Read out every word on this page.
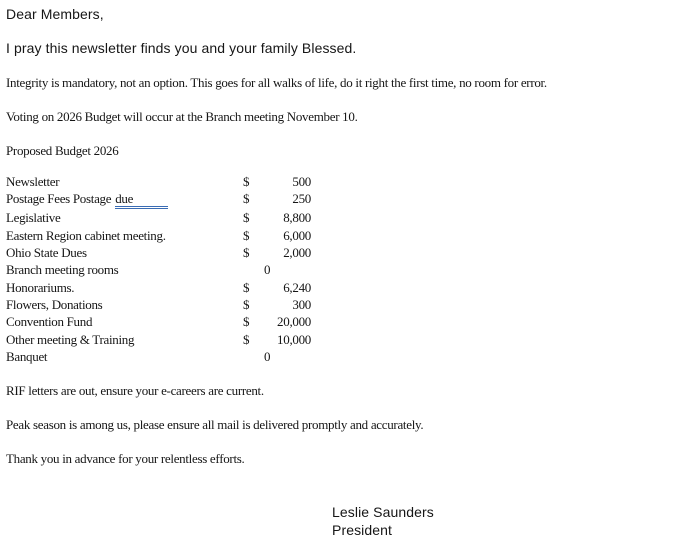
Dear Members,
I pray this newsletter finds you and your family Blessed.
Integrity is mandatory, not an option. This goes for all walks of life, do it right the first time, no room for error.
Voting on 2026 Budget will occur at the Branch meeting November 10.
Proposed Budget 2026
Newsletter	$	500
Postage Fees Postage due	$	250
Legislative	$	8,800
Eastern Region cabinet meeting.	$	6,000
Ohio State Dues	$	2,000
Branch meeting rooms	0
Honorariums.	$	6,240
Flowers, Donations	$	300
Convention Fund	$	20,000
Other meeting & Training	$	10,000
Banquet	0
RIF letters are out, ensure your e-careers are current.
Peak season is among us, please ensure all mail is delivered promptly and accurately.
Thank you in advance for your relentless efforts.
Leslie Saunders
President
